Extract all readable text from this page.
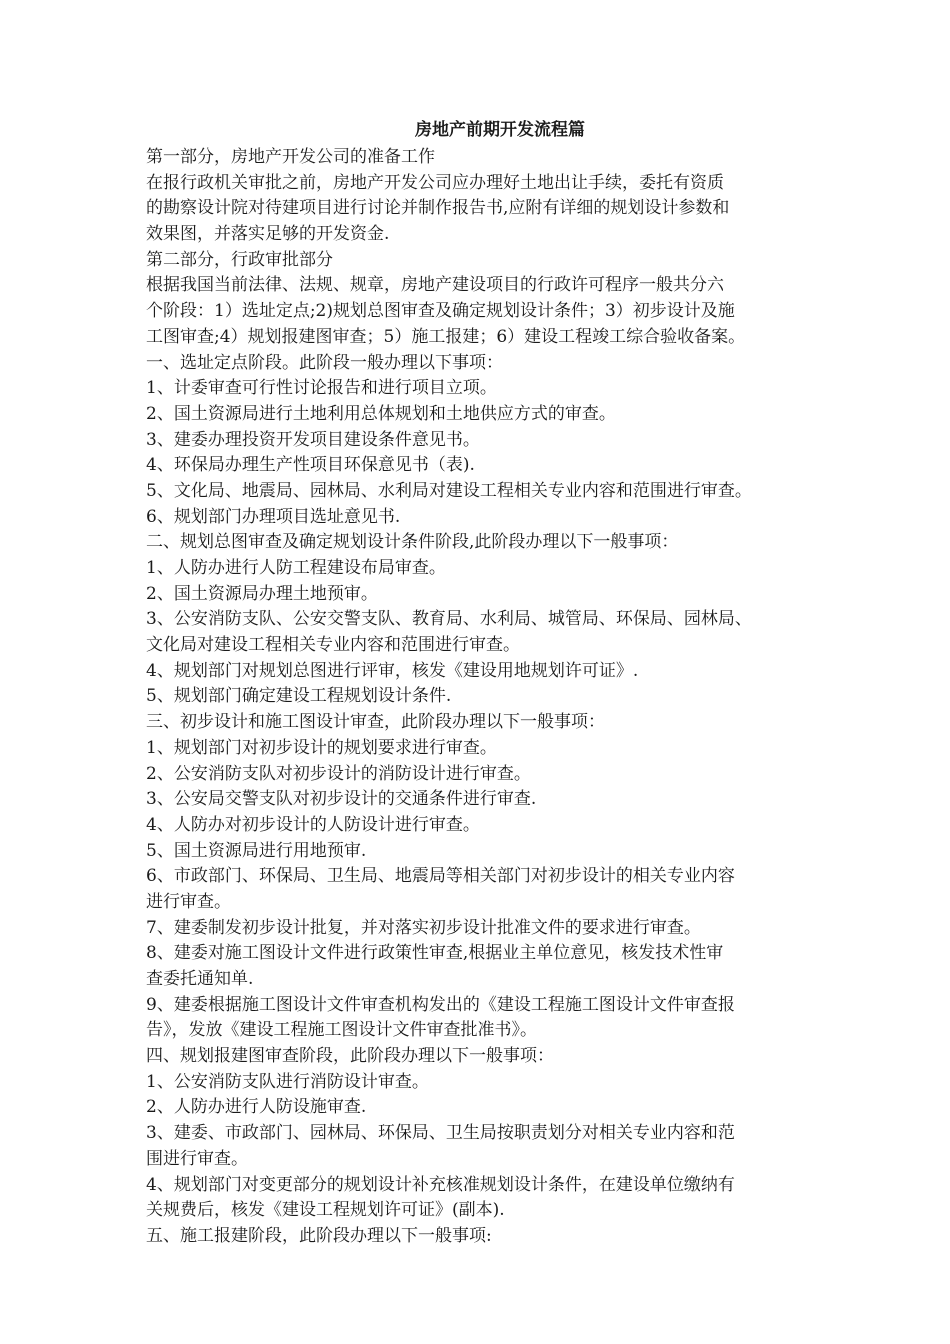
房地产前期开发流程篇
第一部分，房地产开发公司的准备工作
在报行政机关审批之前，房地产开发公司应办理好土地出让手续，委托有资质
的勘察设计院对待建项目进行讨论并制作报告书,应附有详细的规划设计参数和
效果图，并落实足够的开发资金.
第二部分，行政审批部分
根据我国当前法律、法规、规章，房地产建设项目的行政许可程序一般共分六
个阶段：1）选址定点;2)规划总图审查及确定规划设计条件；3）初步设计及施
工图审查;4）规划报建图审查；5）施工报建；6）建设工程竣工综合验收备案。
一、选址定点阶段。此阶段一般办理以下事项：
1、计委审查可行性讨论报告和进行项目立项。
2、国土资源局进行土地利用总体规划和土地供应方式的审查。
3、建委办理投资开发项目建设条件意见书。
4、环保局办理生产性项目环保意见书（表).
5、文化局、地震局、园林局、水利局对建设工程相关专业内容和范围进行审查。
6、规划部门办理项目选址意见书.
二、规划总图审查及确定规划设计条件阶段,此阶段办理以下一般事项：
1、人防办进行人防工程建设布局审查。
2、国土资源局办理土地预审。
3、公安消防支队、公安交警支队、教育局、水利局、城管局、环保局、园林局、
文化局对建设工程相关专业内容和范围进行审查。
4、规划部门对规划总图进行评审，核发《建设用地规划许可证》.
5、规划部门确定建设工程规划设计条件.
三、初步设计和施工图设计审查，此阶段办理以下一般事项：
1、规划部门对初步设计的规划要求进行审查。
2、公安消防支队对初步设计的消防设计进行审查。
3、公安局交警支队对初步设计的交通条件进行审查.
4、人防办对初步设计的人防设计进行审查。
5、国土资源局进行用地预审.
6、市政部门、环保局、卫生局、地震局等相关部门对初步设计的相关专业内容
进行审查。
7、建委制发初步设计批复，并对落实初步设计批准文件的要求进行审查。
8、建委对施工图设计文件进行政策性审查,根据业主单位意见，核发技术性审
查委托通知单.
9、建委根据施工图设计文件审查机构发出的《建设工程施工图设计文件审查报
告》，发放《建设工程施工图设计文件审查批准书》。
四、规划报建图审查阶段，此阶段办理以下一般事项：
1、公安消防支队进行消防设计审查。
2、人防办进行人防设施审查.
3、建委、市政部门、园林局、环保局、卫生局按职责划分对相关专业内容和范
围进行审查。
4、规划部门对变更部分的规划设计补充核准规划设计条件，在建设单位缴纳有
关规费后，核发《建设工程规划许可证》(副本).
五、施工报建阶段，此阶段办理以下一般事项:
